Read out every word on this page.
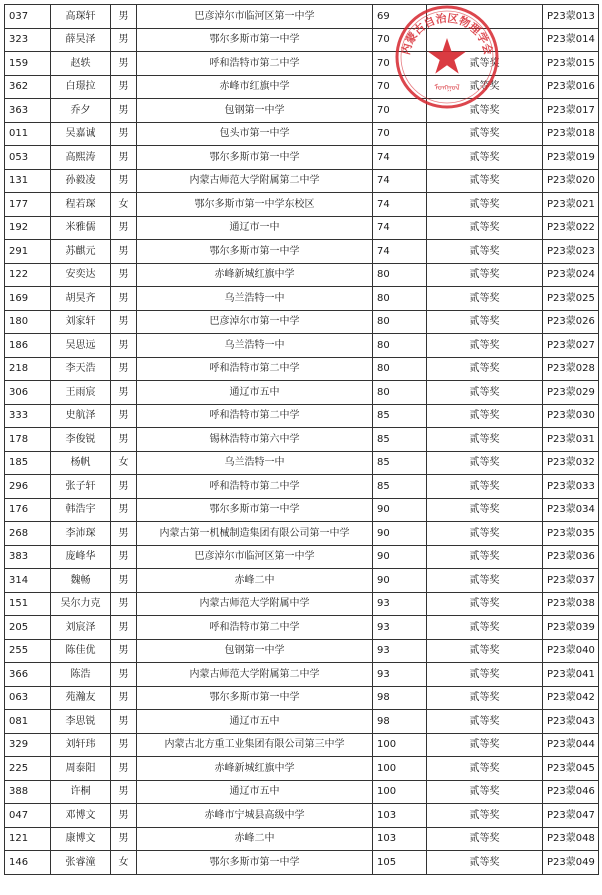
037	高琛轩	男	巴彦淖尔市临河区第一中学	69		P23蒙013
323	薛昊泽	男	鄂尔多斯市第一中学	70		P23蒙014
159	赵轶	男	呼和浩特市第二中学	70	贰等奖	P23蒙015
362	白璟拉	男	赤峰市红旗中学	70	贰等奖	P23蒙016
363	乔夕	男	包钢第一中学	70	贰等奖	P23蒙017
011	吴嘉诚	男	包头市第一中学	70	贰等奖	P23蒙018
053	高熙涛	男	鄂尔多斯市第一中学	74	贰等奖	P23蒙019
131	孙毅凌	男	内蒙古师范大学附属第二中学	74	贰等奖	P23蒙020
177	程若琛	女	鄂尔多斯市第一中学东校区	74	贰等奖	P23蒙021
192	米雅儒	男	通辽市一中	74	贰等奖	P23蒙022
291	苏麒元	男	鄂尔多斯市第一中学	74	贰等奖	P23蒙023
122	安奕达	男	赤峰新城红旗中学	80	贰等奖	P23蒙024
169	胡昊齐	男	乌兰浩特一中	80	贰等奖	P23蒙025
180	刘家轩	男	巴彦淖尔市第一中学	80	贰等奖	P23蒙026
186	吴思远	男	乌兰浩特一中	80	贰等奖	P23蒙027
218	李天浩	男	呼和浩特市第二中学	80	贰等奖	P23蒙028
306	王雨宸	男	通辽市五中	80	贰等奖	P23蒙029
333	史航泽	男	呼和浩特市第二中学	85	贰等奖	P23蒙030
178	李俊锐	男	锡林浩特市第六中学	85	贰等奖	P23蒙031
185	杨帆	女	乌兰浩特一中	85	贰等奖	P23蒙032
296	张子轩	男	呼和浩特市第二中学	85	贰等奖	P23蒙033
176	韩浩宇	男	鄂尔多斯市第一中学	90	贰等奖	P23蒙034
268	李沛琛	男	内蒙古第一机械制造集团有限公司第一中学	90	贰等奖	P23蒙035
383	庞峰华	男	巴彦淖尔市临河区第一中学	90	贰等奖	P23蒙036
314	魏畅	男	赤峰二中	90	贰等奖	P23蒙037
151	吴尔力克	男	内蒙古师范大学附属中学	93	贰等奖	P23蒙038
205	刘宸泽	男	呼和浩特市第二中学	93	贰等奖	P23蒙039
255	陈佳优	男	包钢第一中学	93	贰等奖	P23蒙040
366	陈浩	男	内蒙古师范大学附属第二中学	93	贰等奖	P23蒙041
063	苑瀚友	男	鄂尔多斯市第一中学	98	贰等奖	P23蒙042
081	李思锐	男	通辽市五中	98	贰等奖	P23蒙043
329	刘轩玮	男	内蒙古北方重工业集团有限公司第三中学	100	贰等奖	P23蒙044
225	周泰阳	男	赤峰新城红旗中学	100	贰等奖	P23蒙045
388	许桐	男	通辽市五中	100	贰等奖	P23蒙046
047	邓博文	男	赤峰市宁城县高级中学	103	贰等奖	P23蒙047
121	康博文	男	赤峰二中	103	贰等奖	P23蒙048
146	张睿潼	女	鄂尔多斯市第一中学	105	贰等奖	P23蒙049
内蒙古自治区物理学会
ᠮᠣᠩᠭᠣᠯ
